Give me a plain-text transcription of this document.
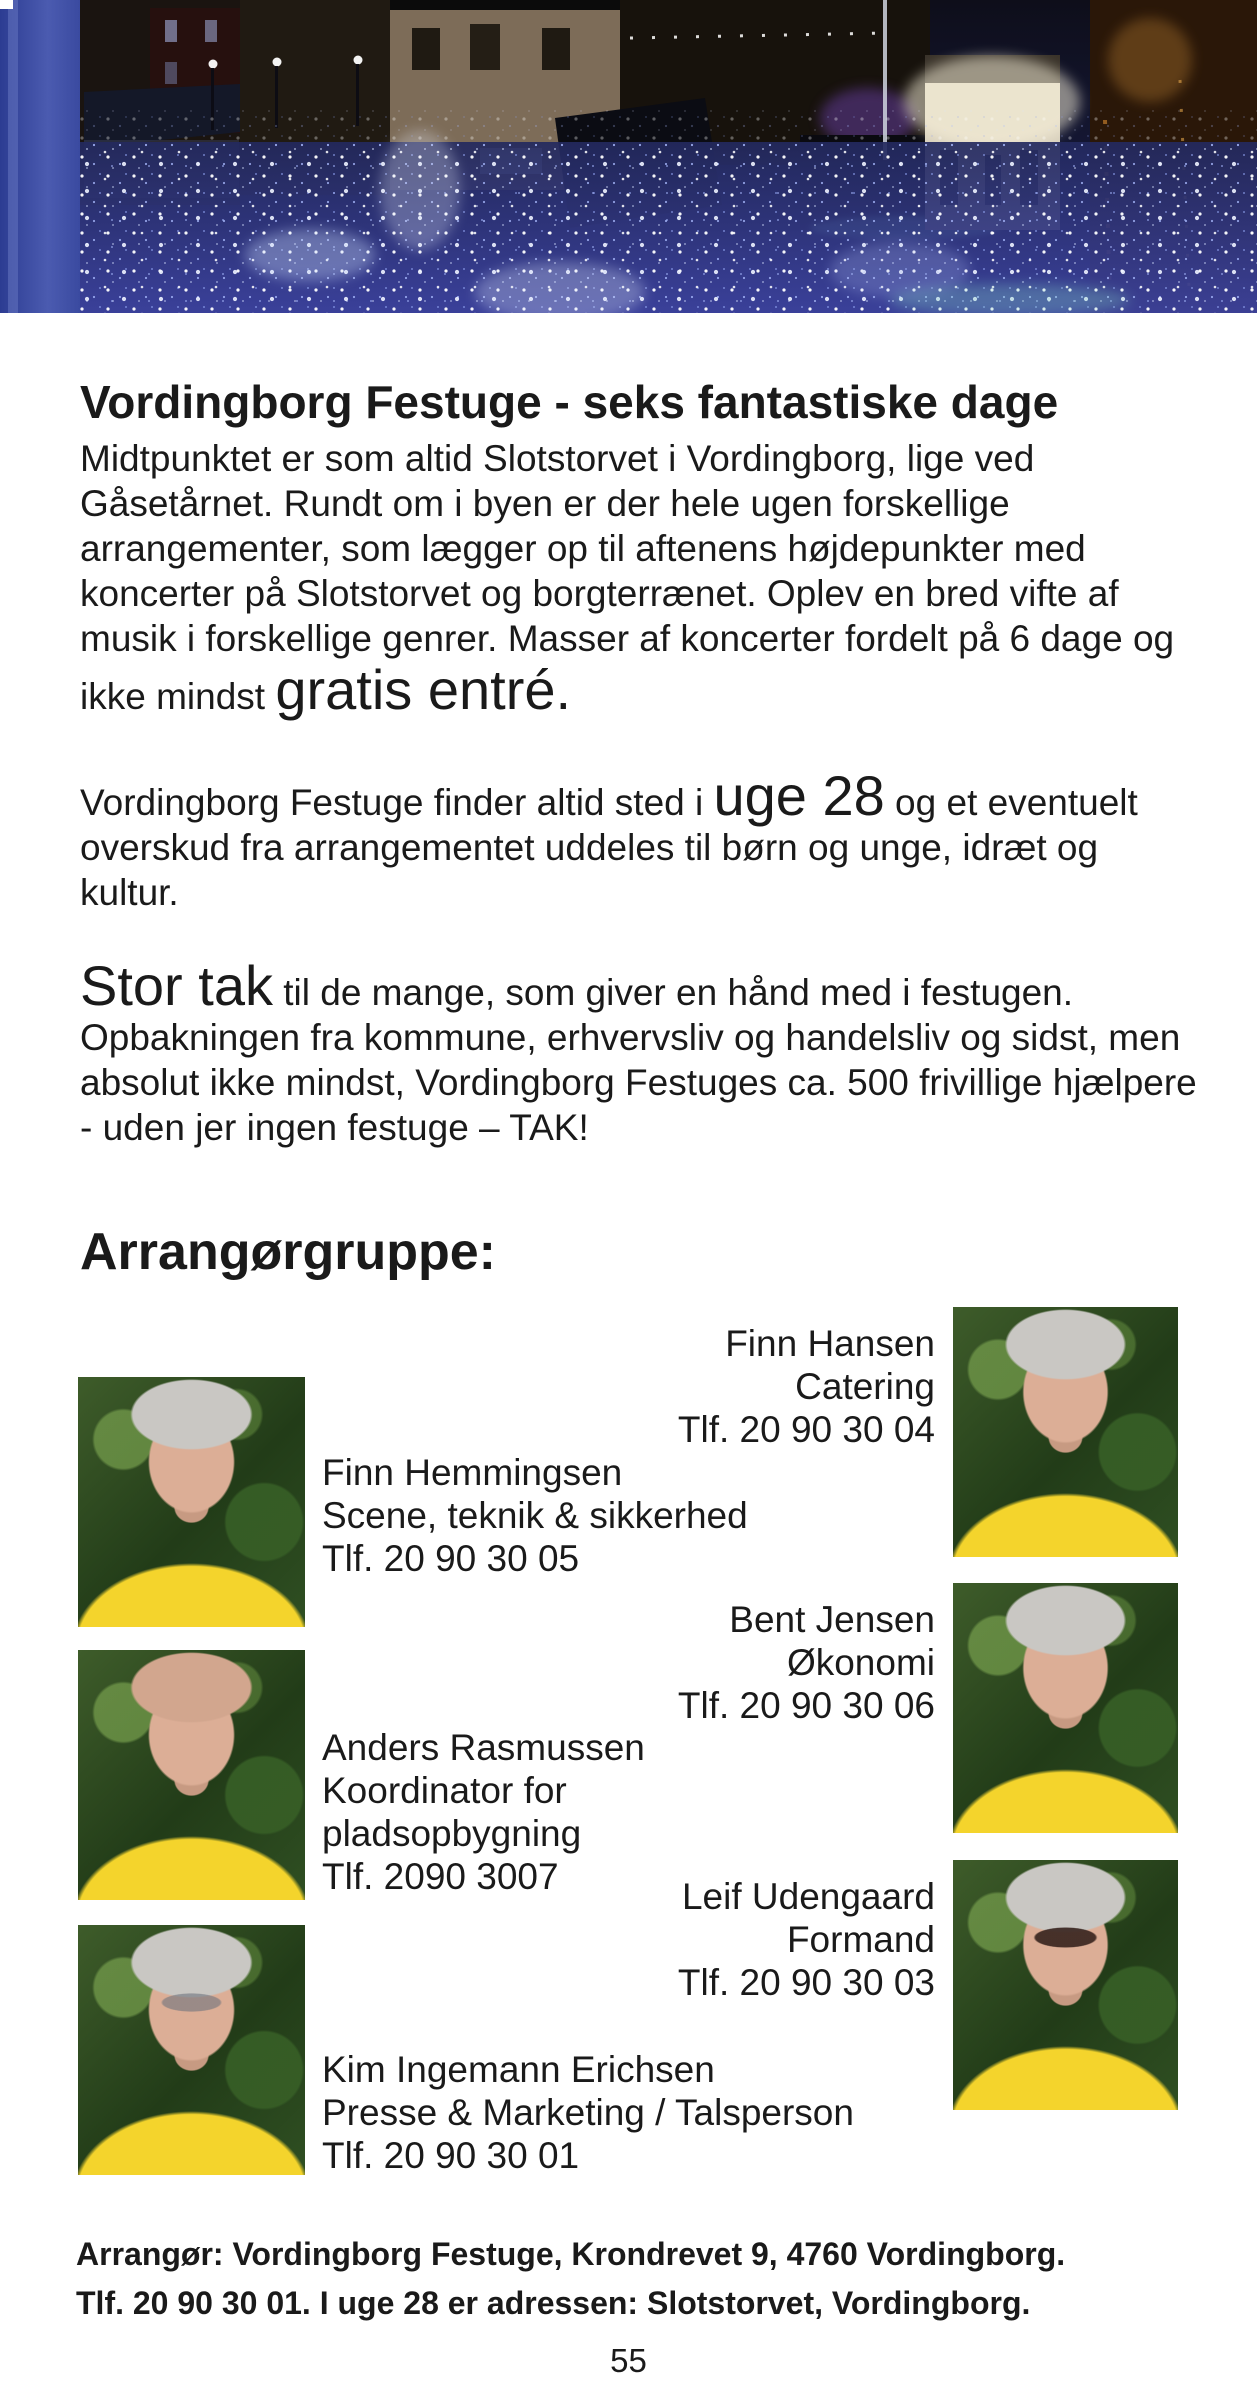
Vordingborg Festuge - seks fantastiske dage

Midtpunktet er som altid Slotstorvet i Vordingborg, lige ved Gåsetårnet. Rundt om i byen er der hele ugen forskellige arrangementer, som lægger op til aftenens højdepunkter med koncerter på Slotstorvet og borgterrænet. Oplev en bred vifte af musik i forskellige genrer. Masser af koncerter fordelt på 6 dage og ikke mindst gratis entré.

Vordingborg Festuge finder altid sted i uge 28 og et eventuelt overskud fra arrangementet uddeles til børn og unge, idræt og kultur.

Stor tak til de mange, som giver en hånd med i festugen. Opbakningen fra kommune, erhvervsliv og handelsliv og sidst, men absolut ikke mindst, Vordingborg Festuges ca. 500 frivillige hjælpere - uden jer ingen festuge – TAK!

Arrangørgruppe:
Finn Hansen
Catering
Tlf. 20 90 30 04
Finn Hemmingsen
Scene, teknik & sikkerhed
Tlf. 20 90 30 05
Bent Jensen
Økonomi
Tlf. 20 90 30 06
Anders Rasmussen
Koordinator for pladsopbygning
Tlf. 2090 3007	Leif Udengaard
Formand
Tlf. 20 90 30 03
Kim Ingemann Erichsen
Presse & Marketing / Talsperson
Tlf. 20 90 30 01

Arrangør: Vordingborg Festuge, Krondrevet 9, 4760 Vordingborg.

Tlf. 20 90 30 01. I uge 28 er adressen: Slotstorvet, Vordingborg.

55
